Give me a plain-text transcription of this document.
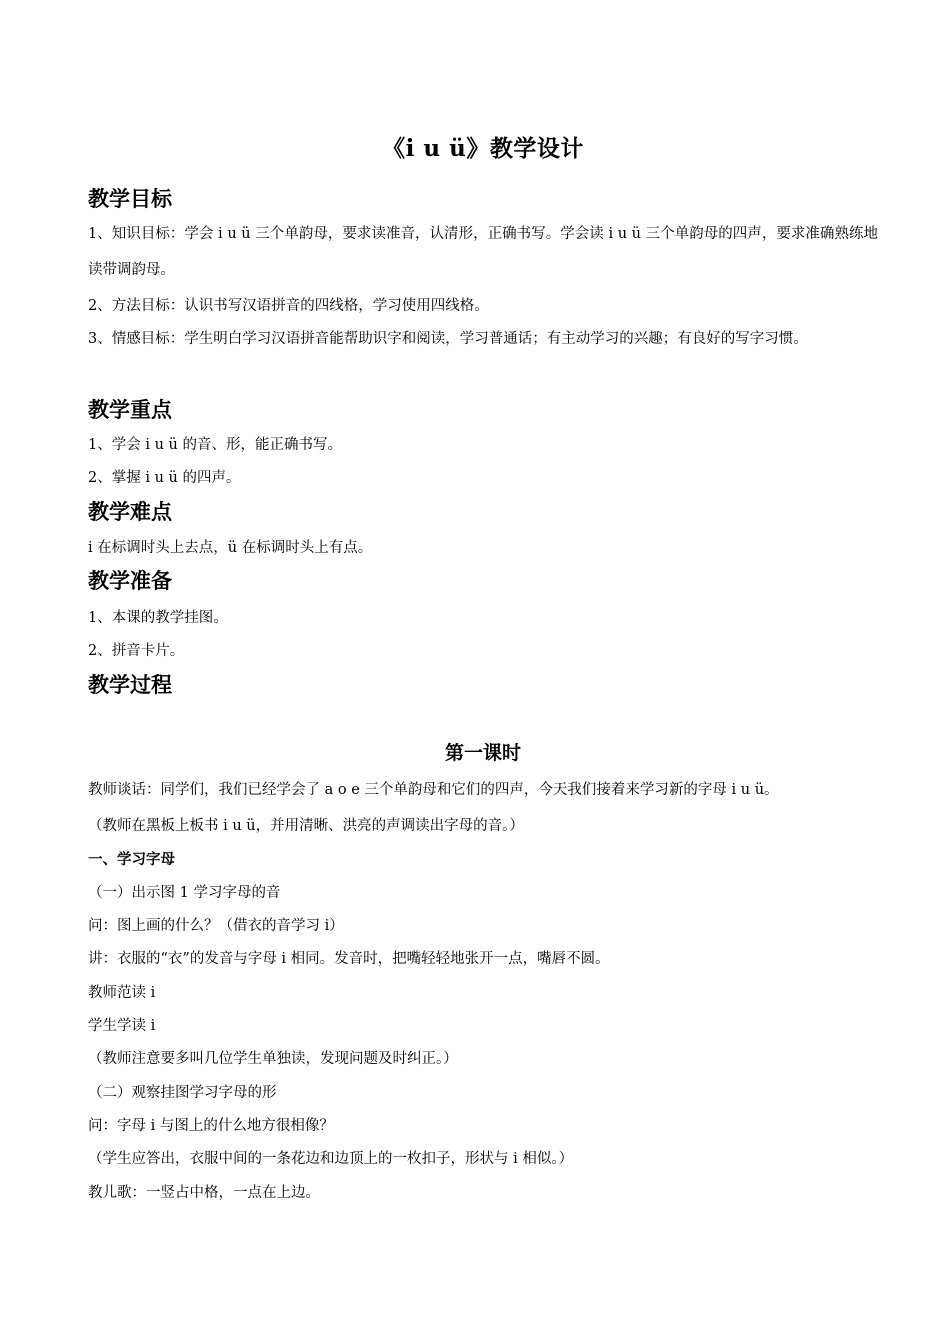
《i u ü》教学设计
教学目标
1、知识目标：学会 i u ü 三个单韵母，要求读准音，认清形，正确书写。学会读 i u ü 三个单韵母的四声，要求准确熟练地读带调韵母。
2、方法目标：认识书写汉语拼音的四线格，学习使用四线格。
3、情感目标：学生明白学习汉语拼音能帮助识字和阅读，学习普通话；有主动学习的兴趣；有良好的写字习惯。
教学重点
1、学会 i u ü 的音、形，能正确书写。
2、掌握 i u ü 的四声。
教学难点
i 在标调时头上去点，ü 在标调时头上有点。
教学准备
1、本课的教学挂图。
2、拼音卡片。
教学过程
第一课时
教师谈话：同学们，我们已经学会了 a o e 三个单韵母和它们的四声，今天我们接着来学习新的字母 i u ü。
（教师在黑板上板书 i u ü，并用清晰、洪亮的声调读出字母的音。）
一、学习字母
（一）出示图 1 学习字母的音
问：图上画的什么？（借衣的音学习 i）
讲：衣服的“衣”的发音与字母 i 相同。发音时，把嘴轻轻地张开一点，嘴唇不圆。
教师范读 i
学生学读 i
（教师注意要多叫几位学生单独读，发现问题及时纠正。）
（二）观察挂图学习字母的形
问：字母 i 与图上的什么地方很相像？
（学生应答出，衣服中间的一条花边和边顶上的一枚扣子，形状与 i 相似。）
教儿歌：一竖占中格，一点在上边。
